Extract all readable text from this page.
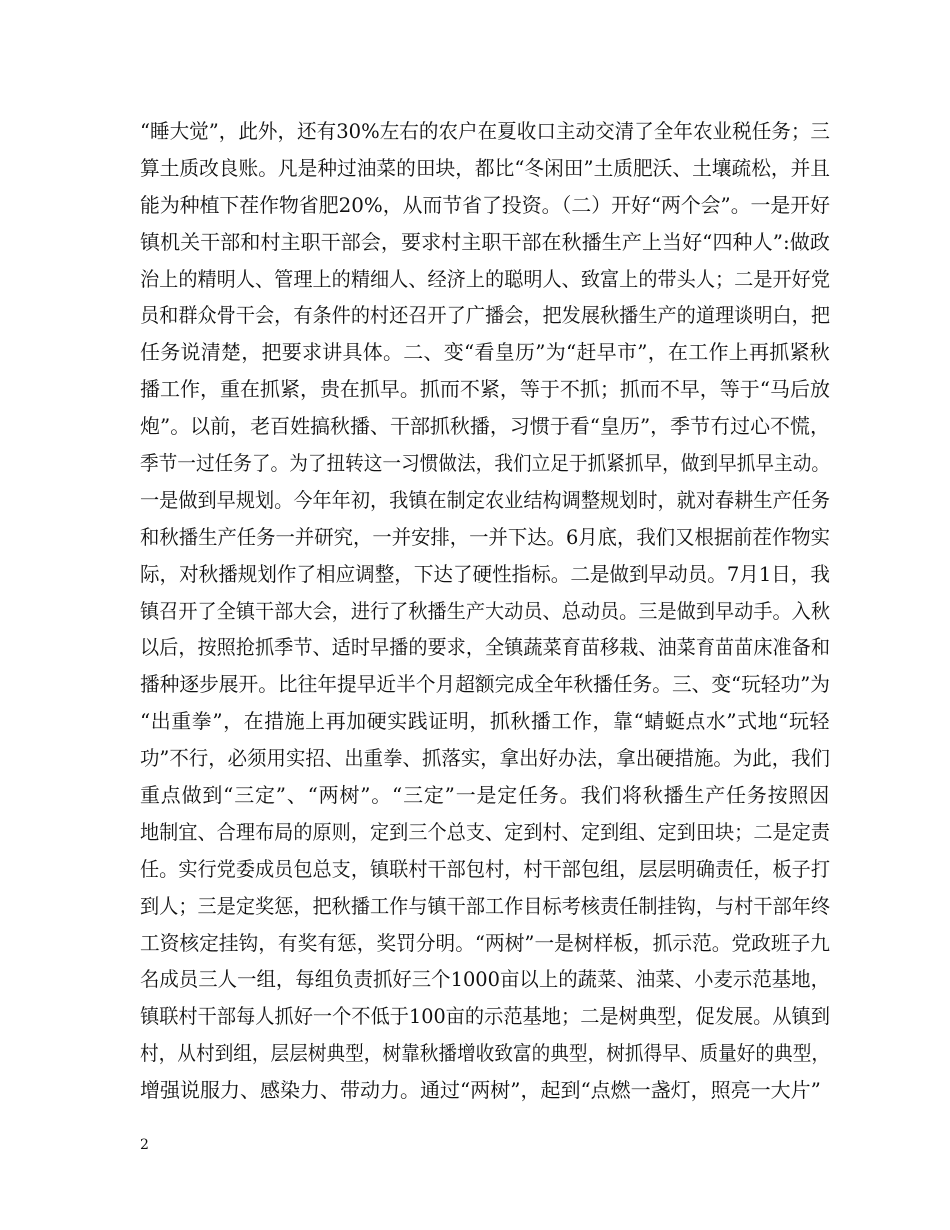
“睡大觉”，此外，还有30%左右的农户在夏收口主动交清了全年农业税任务；三
算土质改良账。凡是种过油菜的田块，都比“冬闲田”土质肥沃、土壤疏松，并且
能为种植下茬作物省肥20%，从而节省了投资。（二）开好“两个会”。一是开好
镇机关干部和村主职干部会，要求村主职干部在秋播生产上当好“四种人”:做政
治上的精明人、管理上的精细人、经济上的聪明人、致富上的带头人；二是开好党
员和群众骨干会，有条件的村还召开了广播会，把发展秋播生产的道理谈明白，把
任务说清楚，把要求讲具体。二、变“看皇历”为“赶早市”，在工作上再抓紧秋
播工作，重在抓紧，贵在抓早。抓而不紧，等于不抓；抓而不早，等于“马后放
炮”。以前，老百姓搞秋播、干部抓秋播，习惯于看“皇历”，季节冇过心不慌，
季节一过任务了。为了扭转这一习惯做法，我们立足于抓紧抓早，做到早抓早主动。
一是做到早规划。今年年初，我镇在制定农业结构调整规划时，就对春耕生产任务
和秋播生产任务一并研究，一并安排，一并下达。6月底，我们又根据前茬作物实
际，对秋播规划作了相应调整，下达了硬性指标。二是做到早动员。7月1日，我
镇召开了全镇干部大会，进行了秋播生产大动员、总动员。三是做到早动手。入秋
以后，按照抢抓季节、适时早播的要求，全镇蔬菜育苗移栽、油菜育苗苗床准备和
播种逐步展开。比往年提早近半个月超额完成全年秋播任务。三、变“玩轻功”为
“出重拳”，在措施上再加硬实践证明，抓秋播工作，靠“蜻蜓点水”式地“玩轻
功”不行，必须用实招、出重拳、抓落实，拿出好办法，拿出硬措施。为此，我们
重点做到“三定”、“两树”。“三定”一是定任务。我们将秋播生产任务按照因
地制宜、合理布局的原则，定到三个总支、定到村、定到组、定到田块；二是定责
任。实行党委成员包总支，镇联村干部包村，村干部包组，层层明确责任，板子打
到人；三是定奖惩，把秋播工作与镇干部工作目标考核责任制挂钩，与村干部年终
工资核定挂钩，有奖有惩，奖罚分明。“两树”一是树样板，抓示范。党政班子九
名成员三人一组，每组负责抓好三个1000亩以上的蔬菜、油菜、小麦示范基地，
镇联村干部每人抓好一个不低于100亩的示范基地；二是树典型，促发展。从镇到
村，从村到组，层层树典型，树靠秋播增收致富的典型，树抓得早、质量好的典型，
增强说服力、感染力、带动力。通过“两树”，起到“点燃一盏灯，照亮一大片”
2
